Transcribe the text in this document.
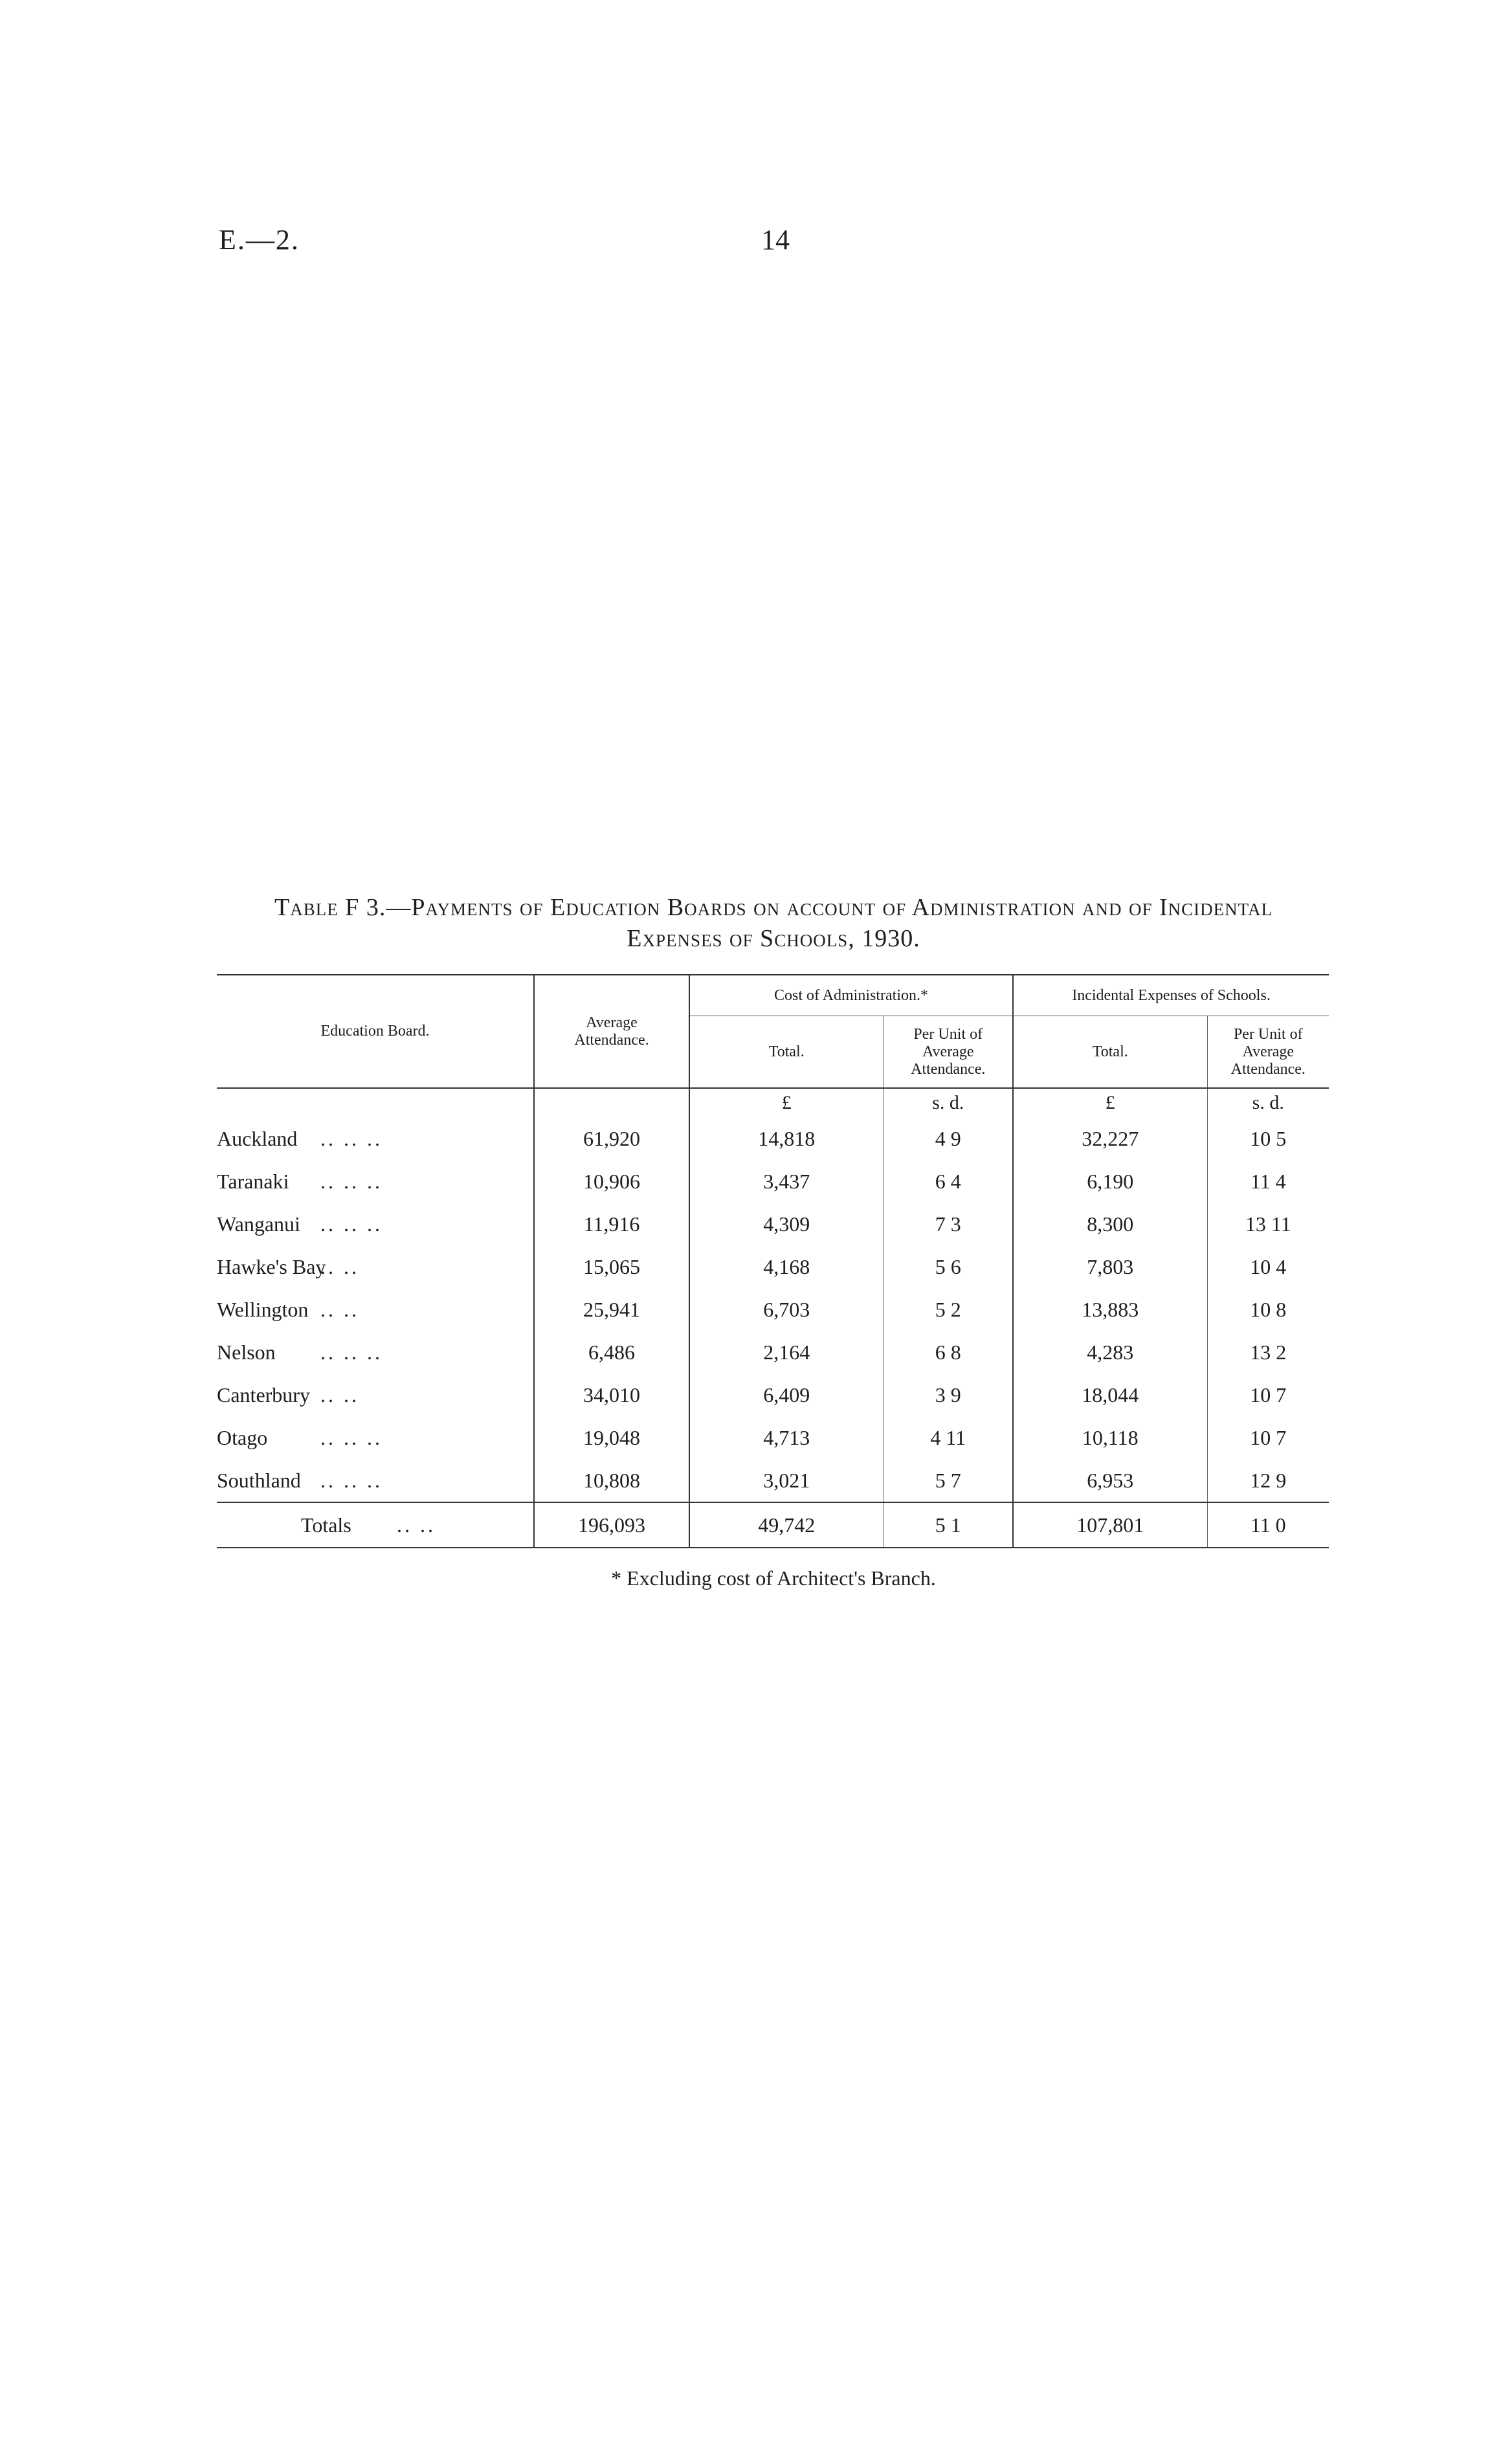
E.—2.	14
Table F 3.—Payments of Education Boards on account of Administration and of Incidental
Expenses of Schools, 1930.
Education Board.	Average Attendance.	Cost of Administration.*		Incidental Expenses of Schools.	
		Total.	Per Unit of Average Attendance.	Total.	Per Unit of Average Attendance.
		£	s. d.	£	s. d.
Auckland .. .. ..	61,920	14,818	4 9	32,227	10 5
Taranaki .. .. ..	10,906	3,437	6 4	6,190	11 4
Wanganui .. .. ..	11,916	4,309	7 3	8,300	13 11
Hawke's Bay.. ..	15,065	4,168	5 6	7,803	10 4
Wellington .. ..	25,941	6,703	5 2	13,883	10 8
Nelson .. .. ..	6,486	2,164	6 8	4,283	13 2
Canterbury .. ..	34,010	6,409	3 9	18,044	10 7
Otago .. .. ..	19,048	4,713	4 11	10,118	10 7
Southland .. .. ..	10,808	3,021	5 7	6,953	12 9
Totals .. ..	196,093	49,742	5 1	107,801	11 0
* Excluding cost of Architect's Branch.
